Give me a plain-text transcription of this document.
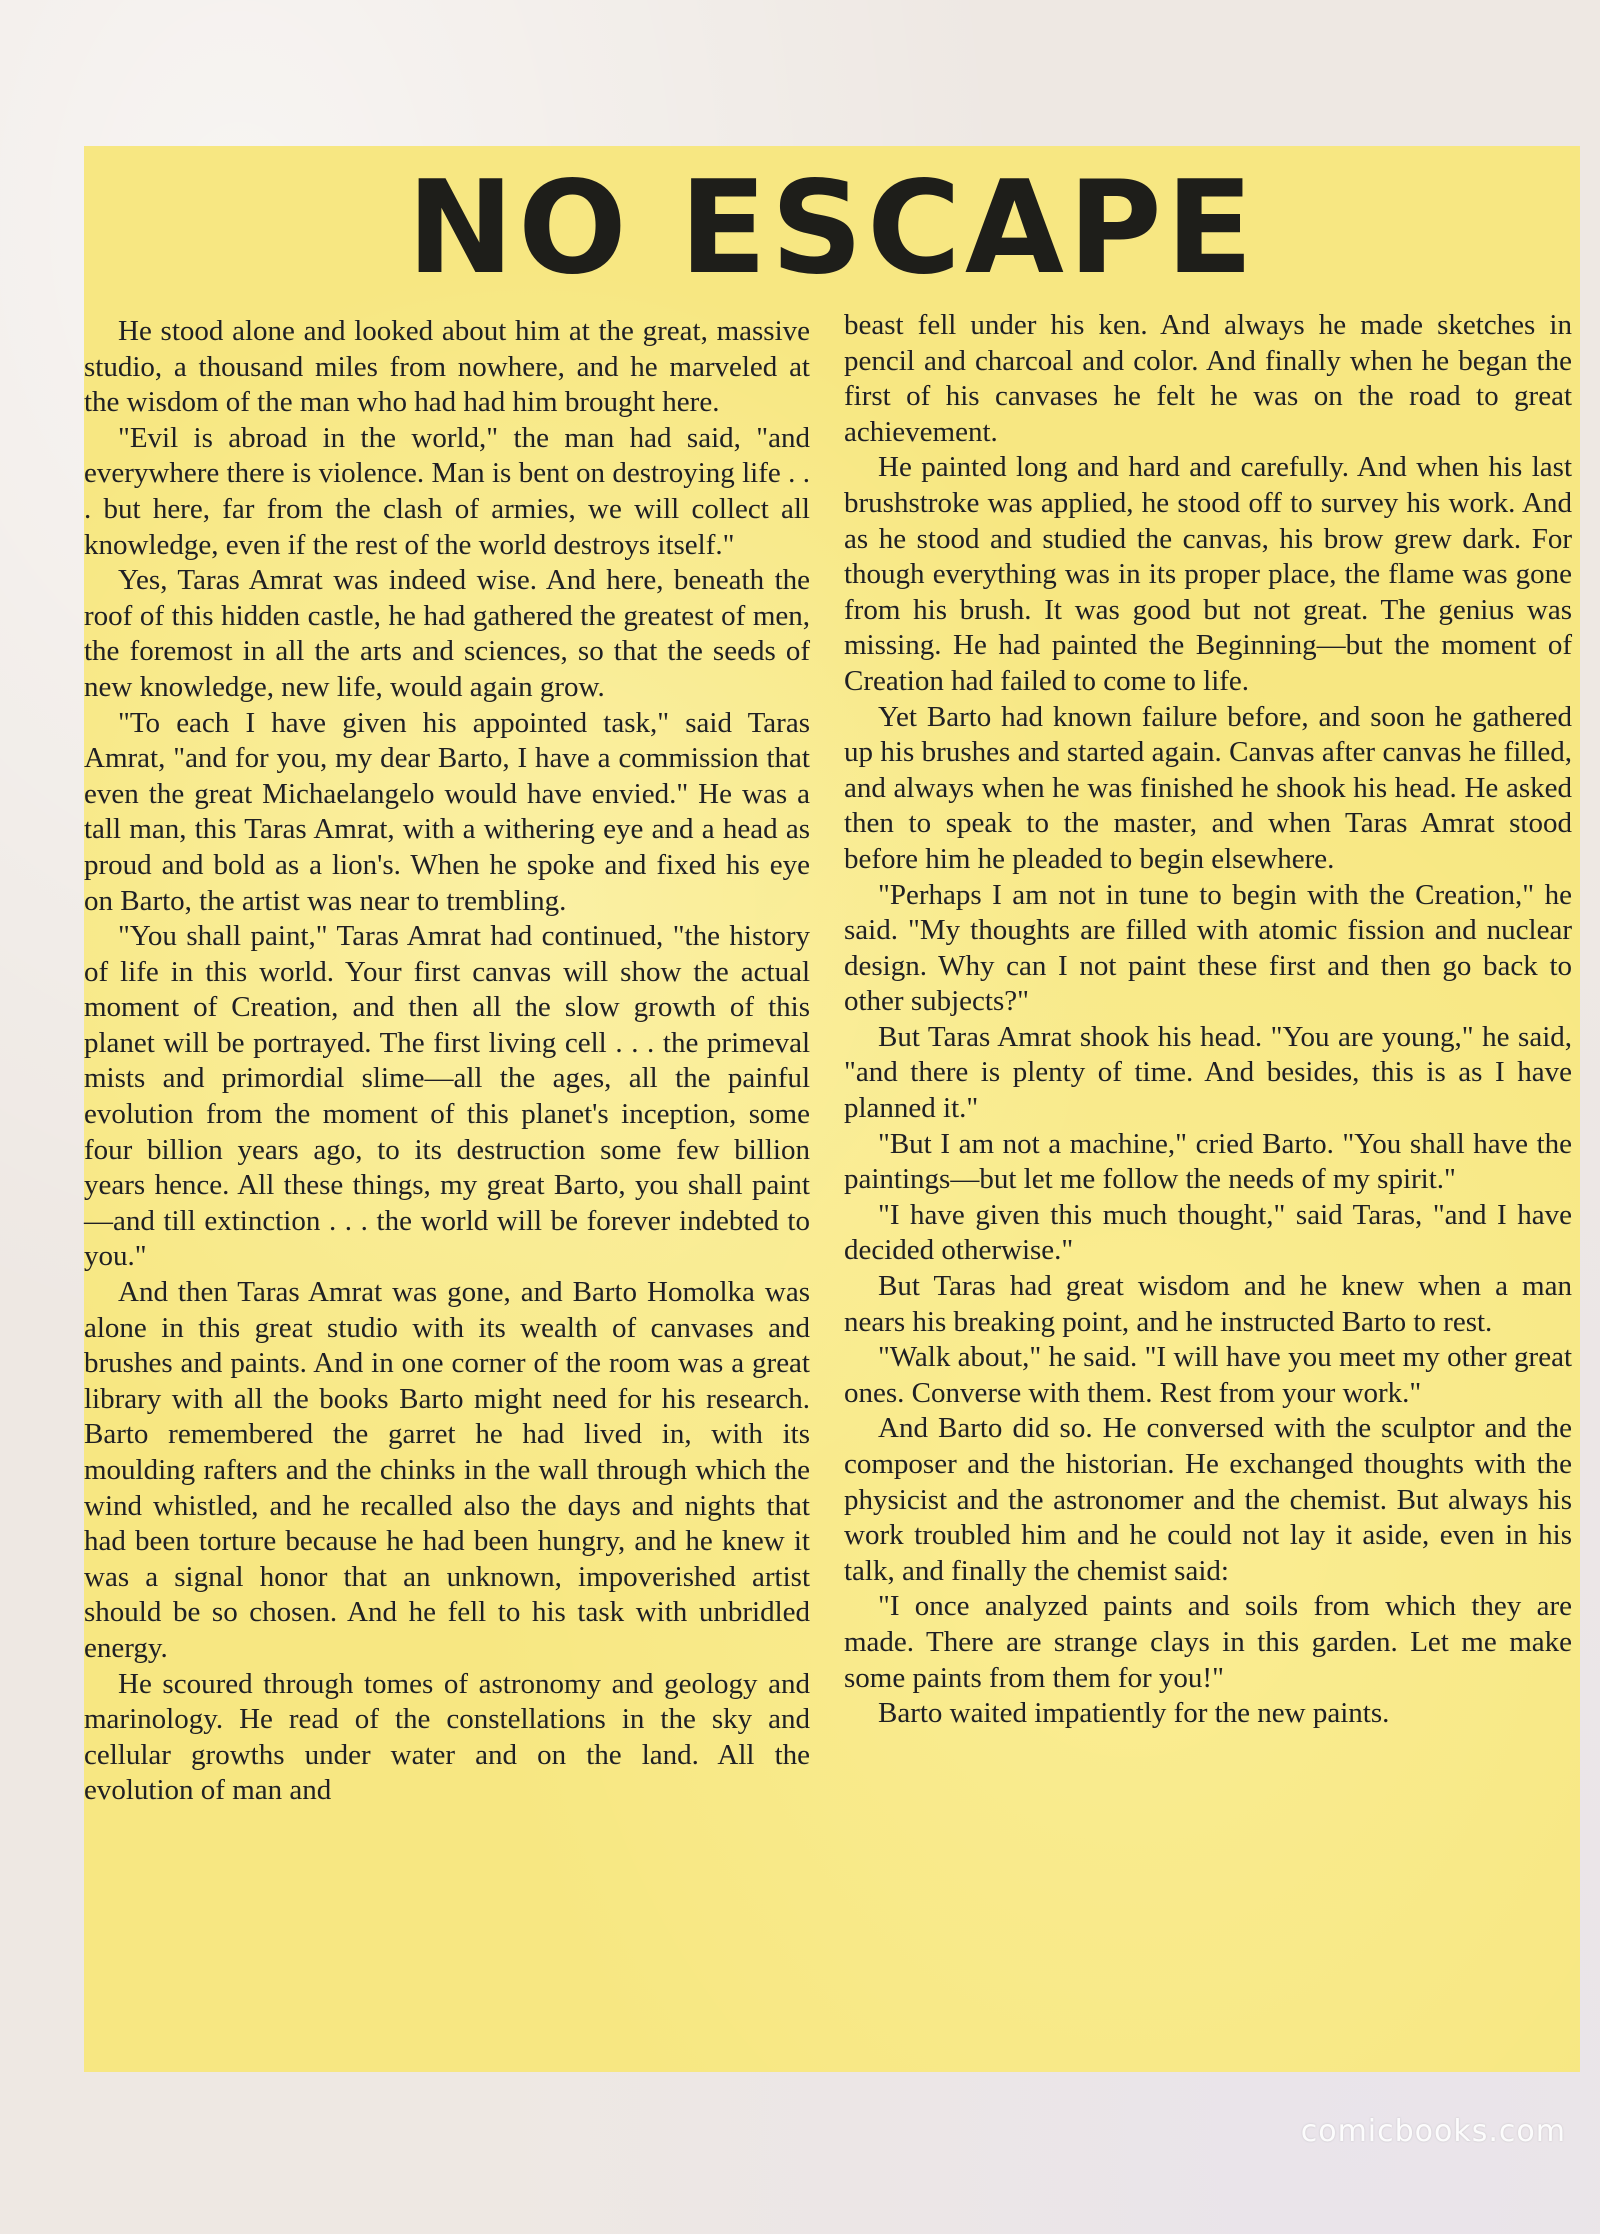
NO ESCAPE

He stood alone and looked about him at the great, massive studio, a thousand miles from nowhere, and he marveled at the wisdom of the man who had had him brought here.

"Evil is abroad in the world," the man had said, "and everywhere there is violence. Man is bent on destroying life . . . but here, far from the clash of armies, we will collect all knowledge, even if the rest of the world destroys itself."

Yes, Taras Amrat was indeed wise. And here, beneath the roof of this hidden castle, he had gathered the greatest of men, the foremost in all the arts and sciences, so that the seeds of new knowledge, new life, would again grow.

"To each I have given his appointed task," said Taras Amrat, "and for you, my dear Barto, I have a commission that even the great Michaelangelo would have envied." He was a tall man, this Taras Amrat, with a withering eye and a head as proud and bold as a lion's. When he spoke and fixed his eye on Barto, the artist was near to trembling.

"You shall paint," Taras Amrat had continued, "the history of life in this world. Your first canvas will show the actual moment of Creation, and then all the slow growth of this planet will be portrayed. The first living cell . . . the primeval mists and primordial slime—all the ages, all the painful evolution from the moment of this planet's inception, some four billion years ago, to its destruction some few billion years hence. All these things, my great Barto, you shall paint—and till extinction . . . the world will be forever indebted to you."

And then Taras Amrat was gone, and Barto Homolka was alone in this great studio with its wealth of canvases and brushes and paints. And in one corner of the room was a great library with all the books Barto might need for his research. Barto remembered the garret he had lived in, with its moulding rafters and the chinks in the wall through which the wind whistled, and he recalled also the days and nights that had been torture because he had been hungry, and he knew it was a signal honor that an unknown, impoverished artist should be so chosen. And he fell to his task with unbridled energy.

He scoured through tomes of astronomy and geology and marinology. He read of the constellations in the sky and cellular growths under water and on the land. All the evolution of man and

beast fell under his ken. And always he made sketches in pencil and charcoal and color. And finally when he began the first of his canvases he felt he was on the road to great achievement.

He painted long and hard and carefully. And when his last brushstroke was applied, he stood off to survey his work. And as he stood and studied the canvas, his brow grew dark. For though everything was in its proper place, the flame was gone from his brush. It was good but not great. The genius was missing. He had painted the Beginning—but the moment of Creation had failed to come to life.

Yet Barto had known failure before, and soon he gathered up his brushes and started again. Canvas after canvas he filled, and always when he was finished he shook his head. He asked then to speak to the master, and when Taras Amrat stood before him he pleaded to begin elsewhere.

"Perhaps I am not in tune to begin with the Creation," he said. "My thoughts are filled with atomic fission and nuclear design. Why can I not paint these first and then go back to other subjects?"

But Taras Amrat shook his head. "You are young," he said, "and there is plenty of time. And besides, this is as I have planned it."

"But I am not a machine," cried Barto. "You shall have the paintings—but let me follow the needs of my spirit."

"I have given this much thought," said Taras, "and I have decided otherwise."

But Taras had great wisdom and he knew when a man nears his breaking point, and he instructed Barto to rest.

"Walk about," he said. "I will have you meet my other great ones. Converse with them. Rest from your work."

And Barto did so. He conversed with the sculptor and the composer and the historian. He exchanged thoughts with the physicist and the astronomer and the chemist. But always his work troubled him and he could not lay it aside, even in his talk, and finally the chemist said:

"I once analyzed paints and soils from which they are made. There are strange clays in this garden. Let me make some paints from them for you!"

Barto waited impatiently for the new paints.

comicbooks.com
